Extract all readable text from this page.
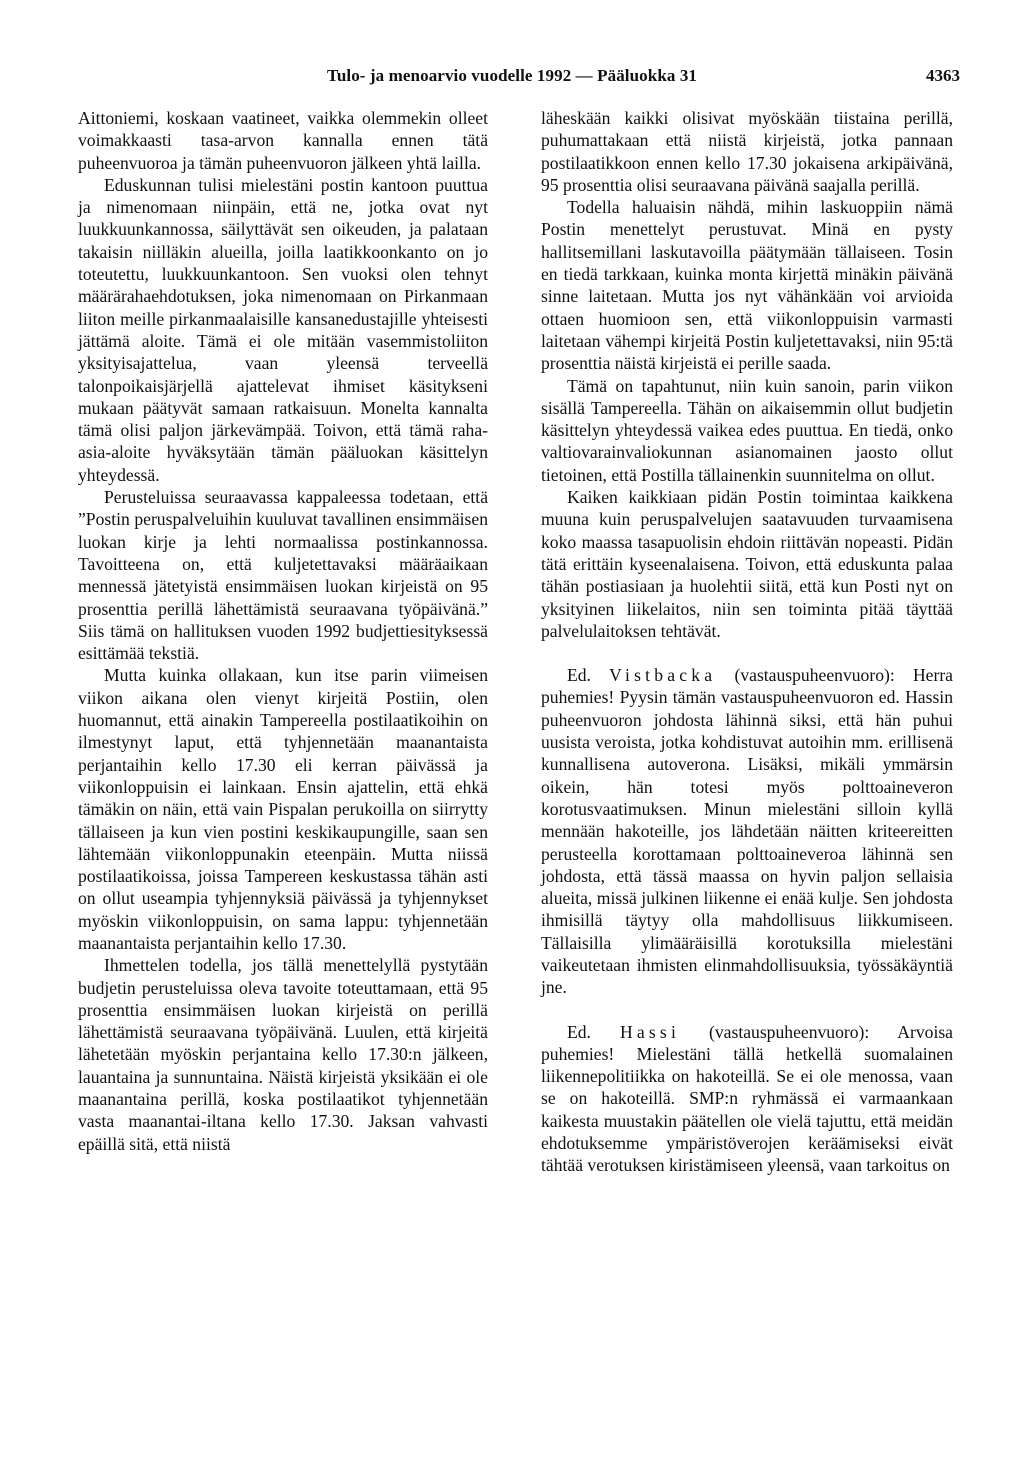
Tulo- ja menoarvio vuodelle 1992 — Pääluokka 31	4363

Aittoniemi, koskaan vaatineet, vaikka olemmekin olleet voimakkaasti tasa-arvon kannalla ennen tätä puheenvuoroa ja tämän puheenvuoron jälkeen yhtä lailla.

Eduskunnan tulisi mielestäni postin kantoon puuttua ja nimenomaan niinpäin, että ne, jotka ovat nyt luukkuunkannossa, säilyttävät sen oikeuden, ja palataan takaisin niilläkin alueilla, joilla laatikkoonkanto on jo toteutettu, luukkuunkantoon. Sen vuoksi olen tehnyt määrärahaehdotuksen, joka nimenomaan on Pirkanmaan liiton meille pirkanmaalaisille kansanedustajille yhteisesti jättämä aloite. Tämä ei ole mitään vasemmistoliiton yksityisajattelua, vaan yleensä terveellä talonpoikaisjärjellä ajattelevat ihmiset käsitykseni mukaan päätyvät samaan ratkaisuun. Monelta kannalta tämä olisi paljon järkevämpää. Toivon, että tämä raha-asia-aloite hyväksytään tämän pääluokan käsittelyn yhteydessä.

Perusteluissa seuraavassa kappaleessa todetaan, että ”Postin peruspalveluihin kuuluvat tavallinen ensimmäisen luokan kirje ja lehti normaalissa postinkannossa. Tavoitteena on, että kuljetettavaksi määräaikaan mennessä jätetyistä ensimmäisen luokan kirjeistä on 95 prosenttia perillä lähettämistä seuraavana työpäivänä.” Siis tämä on hallituksen vuoden 1992 budjettiesityksessä esittämää tekstiä.

Mutta kuinka ollakaan, kun itse parin viimeisen viikon aikana olen vienyt kirjeitä Postiin, olen huomannut, että ainakin Tampereella postilaatikoihin on ilmestynyt laput, että tyhjennetään maanantaista perjantaihin kello 17.30 eli kerran päivässä ja viikonloppuisin ei lainkaan. Ensin ajattelin, että ehkä tämäkin on näin, että vain Pispalan perukoilla on siirrytty tällaiseen ja kun vien postini keskikaupungille, saan sen lähtemään viikonloppunakin eteenpäin. Mutta niissä postilaatikoissa, joissa Tampereen keskustassa tähän asti on ollut useampia tyhjennyksiä päivässä ja tyhjennykset myöskin viikonloppuisin, on sama lappu: tyhjennetään maanantaista perjantaihin kello 17.30.

Ihmettelen todella, jos tällä menettelyllä pystytään budjetin perusteluissa oleva tavoite toteuttamaan, että 95 prosenttia ensimmäisen luokan kirjeistä on perillä lähettämistä seuraavana työpäivänä. Luulen, että kirjeitä lähetetään myöskin perjantaina kello 17.30:n jälkeen, lauantaina ja sunnuntaina. Näistä kirjeistä yksikään ei ole maanantaina perillä, koska postilaatikot tyhjennetään vasta maanantai-iltana kello 17.30. Jaksan vahvasti epäillä sitä, että niistä

läheskään kaikki olisivat myöskään tiistaina perillä, puhumattakaan että niistä kirjeistä, jotka pannaan postilaatikkoon ennen kello 17.30 jokaisena arkipäivänä, 95 prosenttia olisi seuraavana päivänä saajalla perillä.

Todella haluaisin nähdä, mihin laskuoppiin nämä Postin menettelyt perustuvat. Minä en pysty hallitsemillani laskutavoilla päätymään tällaiseen. Tosin en tiedä tarkkaan, kuinka monta kirjettä minäkin päivänä sinne laitetaan. Mutta jos nyt vähänkään voi arvioida ottaen huomioon sen, että viikonloppuisin varmasti laitetaan vähempi kirjeitä Postin kuljetettavaksi, niin 95:tä prosenttia näistä kirjeistä ei perille saada.

Tämä on tapahtunut, niin kuin sanoin, parin viikon sisällä Tampereella. Tähän on aikaisemmin ollut budjetin käsittelyn yhteydessä vaikea edes puuttua. En tiedä, onko valtiovarainvaliokunnan asianomainen jaosto ollut tietoinen, että Postilla tällainenkin suunnitelma on ollut.

Kaiken kaikkiaan pidän Postin toimintaa kaikkena muuna kuin peruspalvelujen saatavuuden turvaamisena koko maassa tasapuolisin ehdoin riittävän nopeasti. Pidän tätä erittäin kyseenalaisena. Toivon, että eduskunta palaa tähän postiasiaan ja huolehtii siitä, että kun Posti nyt on yksityinen liikelaitos, niin sen toiminta pitää täyttää palvelulaitoksen tehtävät.

Ed. Vistbacka (vastauspuheenvuoro): Herra puhemies! Pyysin tämän vastauspuheenvuoron ed. Hassin puheenvuoron johdosta lähinnä siksi, että hän puhui uusista veroista, jotka kohdistuvat autoihin mm. erillisenä kunnallisena autoverona. Lisäksi, mikäli ymmärsin oikein, hän totesi myös polttoaineveron korotusvaatimuksen. Minun mielestäni silloin kyllä mennään hakoteille, jos lähdetään näitten kriteereitten perusteella korottamaan polttoaineveroa lähinnä sen johdosta, että tässä maassa on hyvin paljon sellaisia alueita, missä julkinen liikenne ei enää kulje. Sen johdosta ihmisillä täytyy olla mahdollisuus liikkumiseen. Tällaisilla ylimääräisillä korotuksilla mielestäni vaikeutetaan ihmisten elinmahdollisuuksia, työssäkäyntiä jne.

Ed. Hassi (vastauspuheenvuoro): Arvoisa puhemies! Mielestäni tällä hetkellä suomalainen liikennepolitiikka on hakoteillä. Se ei ole menossa, vaan se on hakoteillä. SMP:n ryhmässä ei varmaankaan kaikesta muustakin päätellen ole vielä tajuttu, että meidän ehdotuksemme ympäristöverojen keräämiseksi eivät tähtää verotuksen kiristämiseen yleensä, vaan tarkoitus on
